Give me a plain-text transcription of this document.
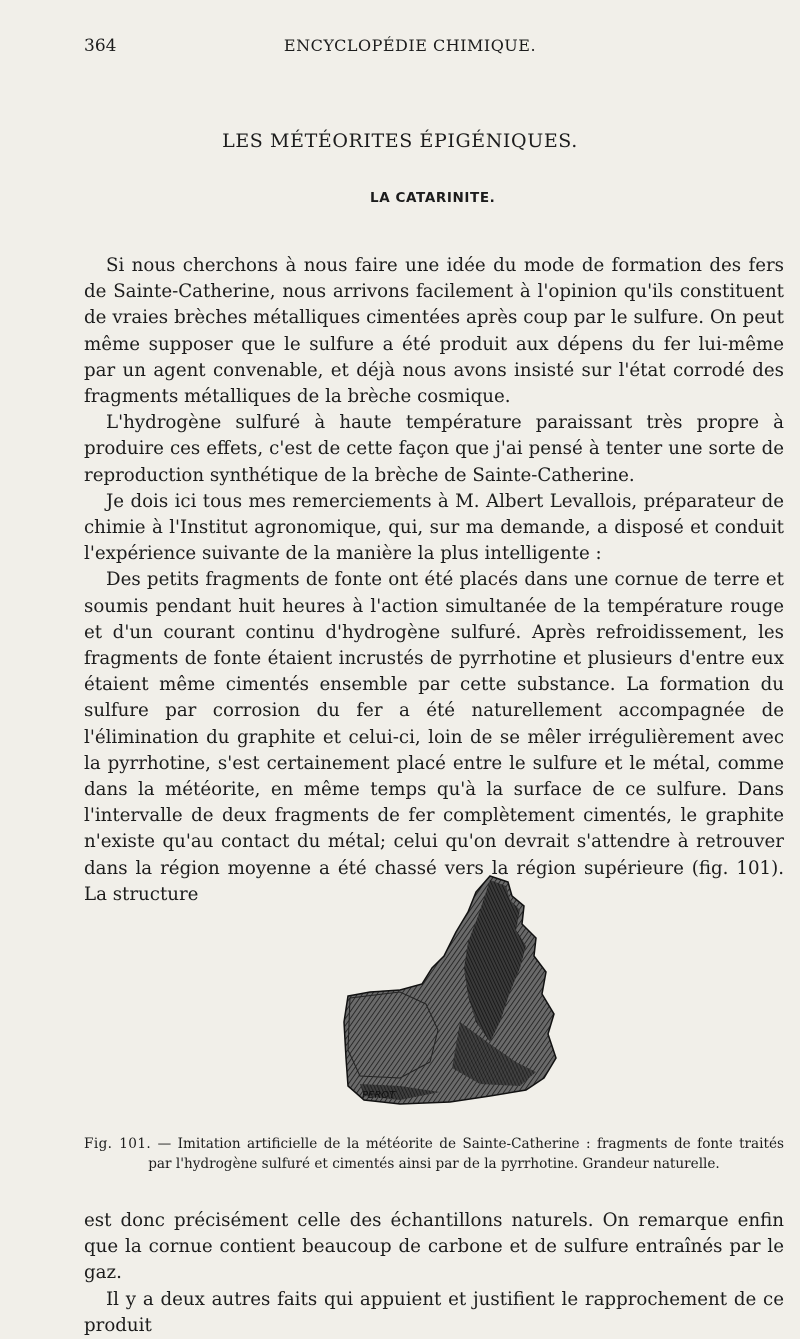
364	ENCYCLOPÉDIE CHIMIQUE.
LES MÉTÉORITES ÉPIGÉNIQUES.
LA CATARINITE.

Si nous cherchons à nous faire une idée du mode de formation des fers de Sainte-Catherine, nous arrivons facilement à l'opinion qu'ils constituent de vraies brèches métalliques cimentées après coup par le sulfure. On peut même supposer que le sulfure a été produit aux dépens du fer lui-même par un agent convenable, et déjà nous avons insisté sur l'état corrodé des fragments métalliques de la brèche cosmique.

L'hydrogène sulfuré à haute température paraissant très propre à produire ces effets, c'est de cette façon que j'ai pensé à tenter une sorte de reproduction synthétique de la brèche de Sainte-Catherine.

Je dois ici tous mes remerciements à M. Albert Levallois, préparateur de chimie à l'Institut agronomique, qui, sur ma demande, a disposé et conduit l'expérience suivante de la manière la plus intelligente :

Des petits fragments de fonte ont été placés dans une cornue de terre et soumis pendant huit heures à l'action simultanée de la température rouge et d'un courant continu d'hydrogène sulfuré. Après refroidissement, les fragments de fonte étaient incrustés de pyrrhotine et plusieurs d'entre eux étaient même cimentés ensemble par cette substance. La formation du sulfure par corrosion du fer a été naturellement accompagnée de l'élimination du graphite et celui-ci, loin de se mêler irrégulièrement avec la pyrrhotine, s'est certainement placé entre le sulfure et le métal, comme dans la météorite, en même temps qu'à la surface de ce sulfure. Dans l'intervalle de deux fragments de fer complètement cimentés, le graphite n'existe qu'au contact du métal; celui qu'on devrait s'attendre à retrouver dans la région moyenne a été chassé vers la région supérieure (fig. 101). La structure

PEROT
Fig. 101. — Imitation artificielle de la météorite de Sainte-Catherine : fragments de fonte traités
par l'hydrogène sulfuré et cimentés ainsi par de la pyrrhotine. Grandeur naturelle.

est donc précisément celle des échantillons naturels. On remarque enfin que la cornue contient beaucoup de carbone et de sulfure entraînés par le gaz.

Il y a deux autres faits qui appuient et justifient le rapprochement de ce produit
